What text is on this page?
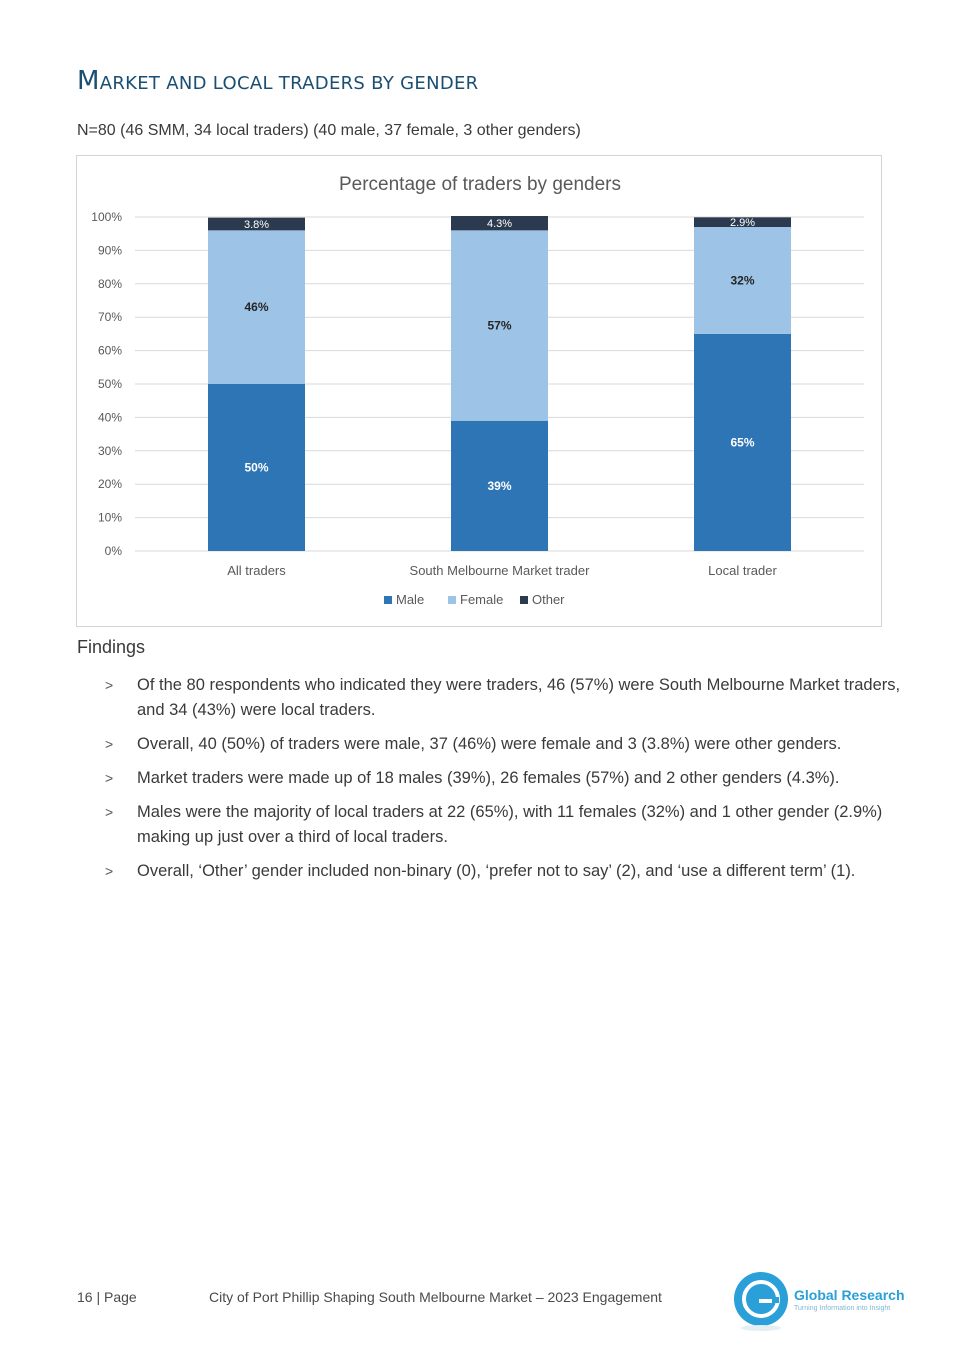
MARKET AND LOCAL TRADERS BY GENDER
N=80 (46 SMM, 34 local traders) (40 male, 37 female, 3 other genders)
Percentage of traders by genders
0%
10%
20%
30%
40%
50%
60%
70%
80%
90%
100%
50%
46%
3.8%
All traders
39%
57%
4.3%
South Melbourne Market trader
65%
32%
2.9%
Local trader
Male	Female Other
Findings
> Of the 80 respondents who indicated they were traders, 46 (57%) were South Melbourne Market traders, and 34 (43%) were local traders.
> Overall, 40 (50%) of traders were male, 37 (46%) were female and 3 (3.8%) were other genders.
> Market traders were made up of 18 males (39%), 26 females (57%) and 2 other genders (4.3%).
> Males were the majority of local traders at 22 (65%), with 11 females (32%) and 1 other gender (2.9%) making up just over a third of local traders.
> Overall, ‘Other’ gender included non-binary (0), ‘prefer not to say’ (2), and ‘use a different term’ (1).
16 | Page	City of Port Phillip Shaping South Melbourne Market – 2023 Engagement	Global Research
Turning Information into Insight
